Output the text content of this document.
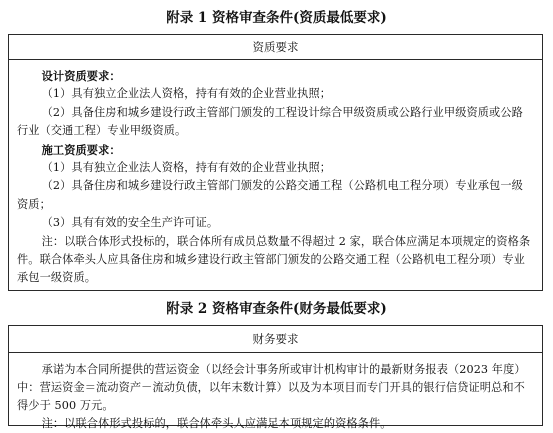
附录 1 资格审查条件(资质最低要求)
资质要求
设计资质要求：
（1）具有独立企业法人资格，持有有效的企业营业执照；
（2）具备住房和城乡建设行政主管部门颁发的工程设计综合甲级资质或公路行业甲级资质或公路行业（交通工程）专业甲级资质。
施工资质要求：
（1）具有独立企业法人资格，持有有效的企业营业执照；
（2）具备住房和城乡建设行政主管部门颁发的公路交通工程（公路机电工程分项）专业承包一级资质；
（3）具有有效的安全生产许可证。
注：以联合体形式投标的，联合体所有成员总数量不得超过 2 家，联合体应满足本项规定的资格条件。联合体牵头人应具备住房和城乡建设行政主管部门颁发的公路交通工程（公路机电工程分项）专业承包一级资质。
附录 2 资格审查条件(财务最低要求)
财务要求
承诺为本合同所提供的营运资金（以经会计事务所或审计机构审计的最新财务报表（2023 年度）中：营运资金＝流动资产－流动负债，以年末数计算）以及为本项目而专门开具的银行信贷证明总和不得少于 500 万元。
注：以联合体形式投标的，联合体牵头人应满足本项规定的资格条件。
